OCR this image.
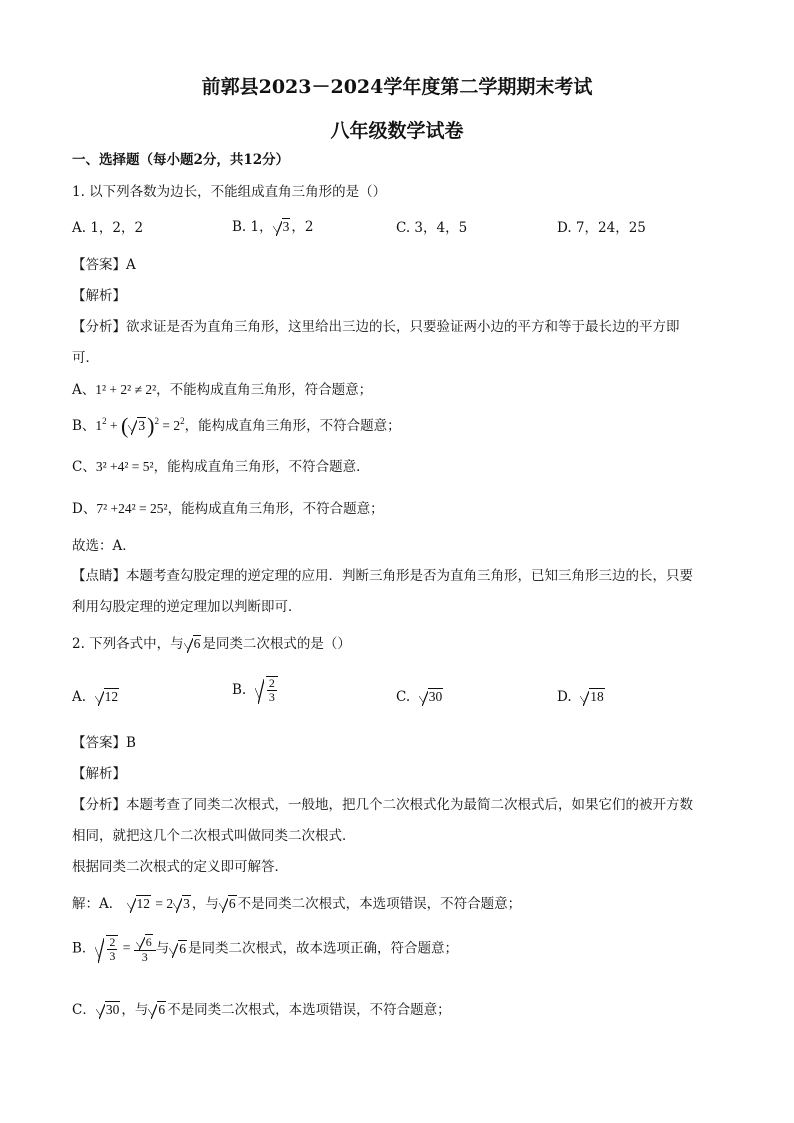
前郭县2023－2024学年度第二学期期末考试
八年级数学试卷
一、选择题（每小题2分，共12分）
1. 以下列各数为边长，不能组成直角三角形的是（）
A. 1，2，2	B. 1， 3 ，2	C. 3，4，5	D. 7，24，25
【答案】A
【解析】
【分析】欲求证是否为直角三角形，这里给出三边的长，只要验证两小边的平方和等于最长边的平方即
可．
A、1² + 2² ≠ 2²，不能构成直角三角形，符合题意；
B、$1^2$ + ( $3)^2 = 2^2$，能构成直角三角形，不符合题意；
C、3² +4² = 5²，能构成直角三角形，不符合题意．
D、7² +24² = 25²，能构成直角三角形，不符合题意；
故选：A．
【点睛】本题考查勾股定理的逆定理的应用．判断三角形是否为直角三角形，已知三角形三边的长，只要
利用勾股定理的逆定理加以判断即可．
2. 下列各式中，与 6 是同类二次根式的是（）
A. 12	B. $\frac{2}{3}$	C. 30	D. 18
【答案】B
【解析】
【分析】本题考查了同类二次根式，一般地，把几个二次根式化为最简二次根式后，如果它们的被开方数
相同，就把这几个二次根式叫做同类二次根式．
根据同类二次根式的定义即可解答．
解：A． 12 = 2 3 ，与 6 不是同类二次根式，本选项错误，不符合题意；
B． $\frac{2}{3} = \frac{6}{3}$ 与 6 是同类二次根式，故本选项正确，符合题意；
C． 30 ，与 6 不是同类二次根式，本选项错误，不符合题意；
